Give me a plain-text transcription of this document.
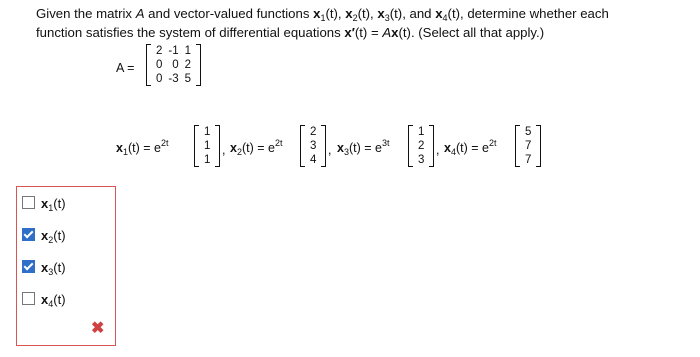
Given the matrix A and vector-valued functions $x_1(t)$, $x_2(t)$, $x_3(t)$, and $x_4(t)$, determine whether each
function satisfies the system of differential equations x′(t) = Ax(t). (Select all that apply.)
A =
2	-1	1
0	0	2
0	-3	5
$x_1(t) = e^{2t}$
1
1
1
, $x_2(t) = e^{2t}$
2
3
4
, $x_3(t) = e^{3t}$
1
2
3
, $x_4(t) = e^{2t}$
5
7
7
$x_1(t)$
$x_2(t)$
$x_3(t)$
$x_4(t)$
✖
